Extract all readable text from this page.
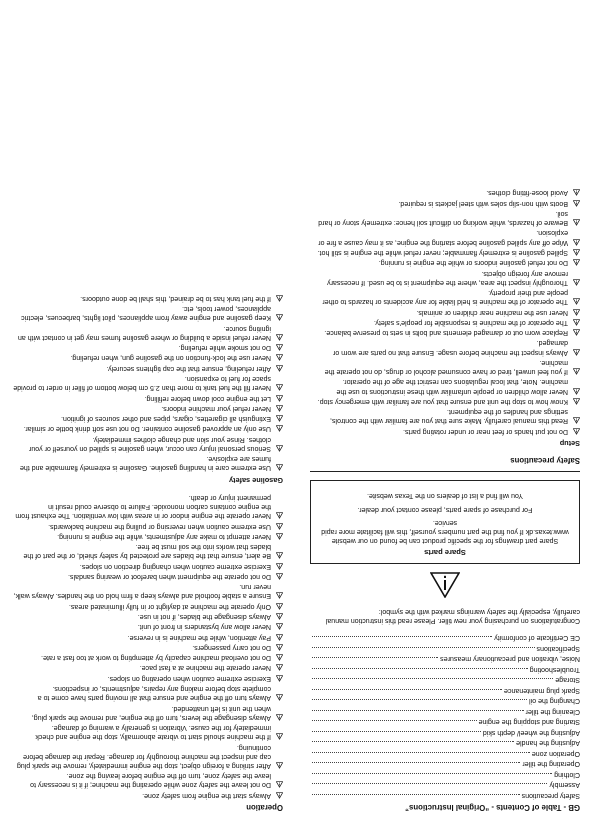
GB - Table of Contents - “Original Instructions”
Safety precautions
Assembly
Clothing
Operating the tiller
Operation zone
Adjusting the handle
Adjusting the wheel/ depth skid
Starting and stopping the engine
Cleaning the tiller
Changing the oil
Spark plug maintenance
Storage
Troubleshooting
Noise, vibration and precautionary measures
Specifications
CE Certificate of conformity

Congratulations on purchasing your new tiller. Please read this instruction manual carefully, especially the safety warnings marked with the symbol:

Spare parts

Spare part drawings for the specific product can be found on our website www.texas.dk If you find the part numbers yourself, this will facilitate more rapid service.

For purchase of spare parts, please contact your dealer.

You will find a list of dealers on the Texas website.

Safety precautions
Setup
Do not put hands or feet near or under rotating parts.
Read this manual carefully. Make sure that you are familiar with the controls, settings and handles of the equipment.
Know how to stop the unit and ensure that you are familiar with emergency stop.
Never allow children or people unfamiliar with these instructions to use the machine. Note, that local regulations can restrict the age of the operator.
If you feel unwell, tired or have consumed alcohol or drugs, do not operate the machine.
Always inspect the machine before usage. Ensure that no parts are worn or damaged.
Replace worn out or damaged elements and bolts in sets to preserve balance.
The operator of the machine is responsible for people’s safety.
Never use the machine near children or animals.
The operator of the machine is held liable for any accidents or hazards to other people and their property.
Thoroughly inspect the area, where the equipment is to be used. If necessary remove any foreign objects.
Do not refuel gasoline indoors or while the engine is running.
Spilled gasoline is extremely flammable; never refuel while the engine is still hot.
Wipe off any spilled gasoline before starting the engine, as it may cause a fire or explosion.
Beware of hazards, while working on difficult soil hence: extremely stony or hard soil.
Boots with non-slip soles with steel jackets is required.
Avoid loose-fitting clothes.
Operation
Always start the engine from safety zone.
Do not leave the safety zone while operating the machine; if it is necessary to leave the safety zone, turn off the engine before leaving the zone.
After striking a foreign object, stop the engine immediately, remove the spark plug cap and inspect the machine thoroughly for damage. Repair the damage before continuing.
If the machine should start to vibrate abnormally, stop the engine and check immediately for the cause. Vibration is generally a warning of damage.
Always disengage the levers, turn off the engine, and remove the spark plug, when the unit is left unattended.
Always turn off the engine and ensure that all moving parts have come to a complete stop before making any repairs, adjustments, or inspections.
Exercise extreme caution when operating on slopes.
Never operate the machine at a fast pace.
Do not overload machine capacity by attempting to work at too fast a rate.
Do not carry passengers.
Pay attention, while the machine is in reverse.
Never allow any bystanders in front of unit.
Always disengage the blades, if not in use.
Only operate the machine at daylight or in fully illuminated areas.
Ensure a stable foothold and always keep a firm hold on the handles. Always walk, never run.
Do not operate the equipment when barefoot or wearing sandals.
Exercise extreme caution when changing direction on slopes.
Be alert, ensure that the blades are protected by safety shield, or the part of the blades that works into the soil must be free.
Never attempt to make any adjustments, while the engine is running.
Use extreme caution when reversing or pulling the machine backwards.
Never operate the engine indoor or in areas with low ventilation. The exhaust from the engine contains carbon monoxide. Failure to observe could result in permanent injury or death.
Gasoline safety
Use extreme care in handling gasoline. Gasoline is extremely flammable and the fumes are explosive.
Serious personal injury can occur, when gasoline is spilled on yourself or your clothes. Rinse your skin and change clothes immediately.
Use only an approved gasoline container. Do not use soft drink bottle or similar.
Extinguish all cigarettes, cigars, pipes and other sources of ignition.
Never refuel your machine indoors.
Let the engine cool down before refilling.
Never fill the fuel tank to more than 2.5 cm below bottom of filler in order to provide space for fuel to expansion.
After refueling, ensure that the cap tightens securely.
Never use the lock-function on the gasoline gun, when refueling.
Do not smoke while refueling.
Never refuel inside a building or where gasoline fumes may get in contact with an igniting source.
Keep gasoline and engine away from appliances, pilot lights, barbecues, electric appliances, power tools, etc.
If the fuel tank has to be drained, this shall be done outdoors.
